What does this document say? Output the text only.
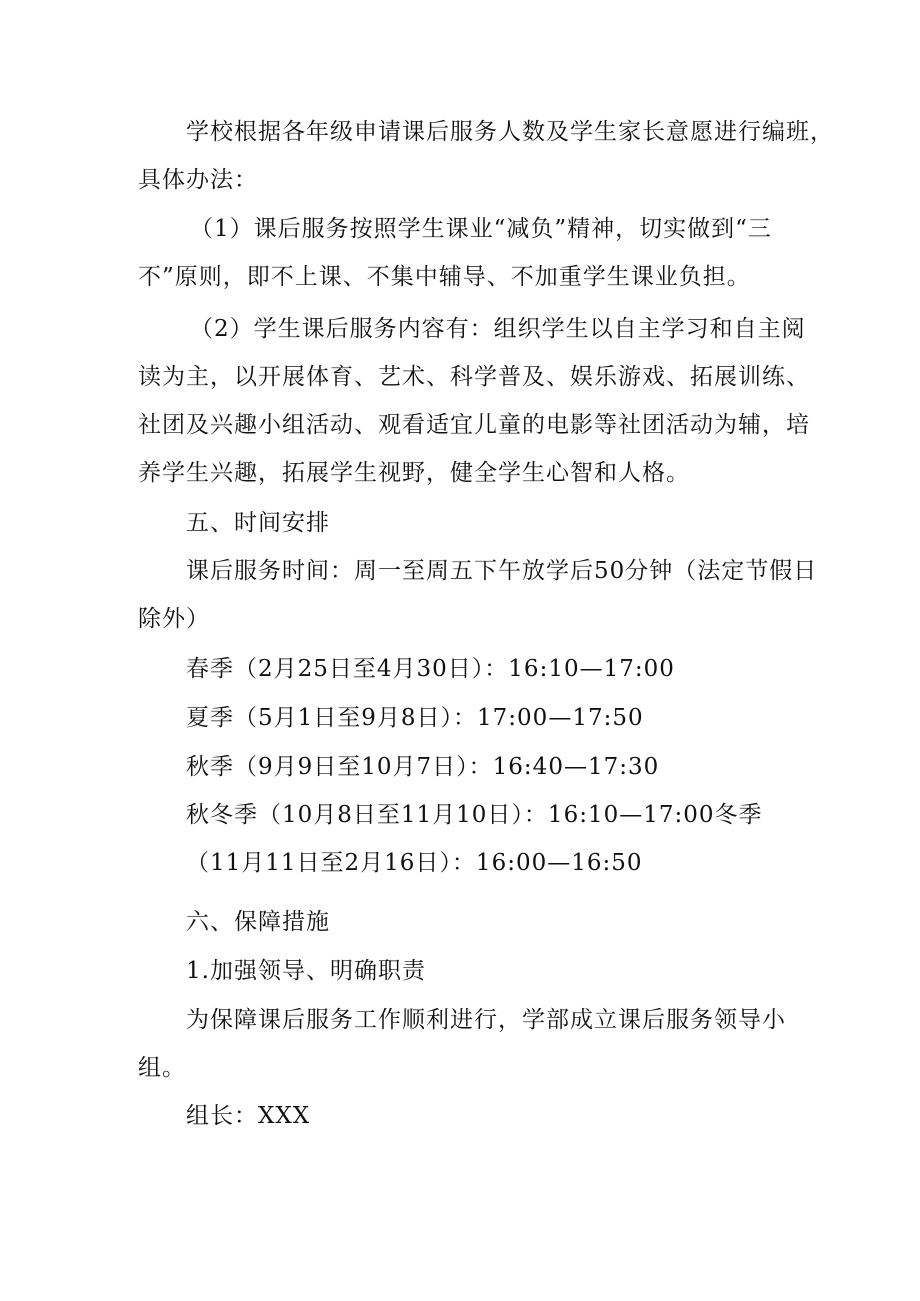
学校根据各年级申请课后服务人数及学生家长意愿进行编班，
具体办法：
（1）课后服务按照学生课业“减负”精神，切实做到“三
不”原则，即不上课、不集中辅导、不加重学生课业负担。
（2）学生课后服务内容有：组织学生以自主学习和自主阅
读为主，以开展体育、艺术、科学普及、娱乐游戏、拓展训练、
社团及兴趣小组活动、观看适宜儿童的电影等社团活动为辅，培
养学生兴趣，拓展学生视野，健全学生心智和人格。
五、时间安排
课后服务时间：周一至周五下午放学后50分钟（法定节假日
除外）
春季（2月25日至4月30日）：16:10—17:00
夏季（5月1日至9月8日）：17:00—17:50
秋季（9月9日至10月7日）：16:40—17:30
秋冬季（10月8日至11月10日）：16:10—17:00冬季
（11月11日至2月16日）：16:00—16:50
六、保障措施
1.加强领导、明确职责
为保障课后服务工作顺利进行，学部成立课后服务领导小
组。
组长：XXX
